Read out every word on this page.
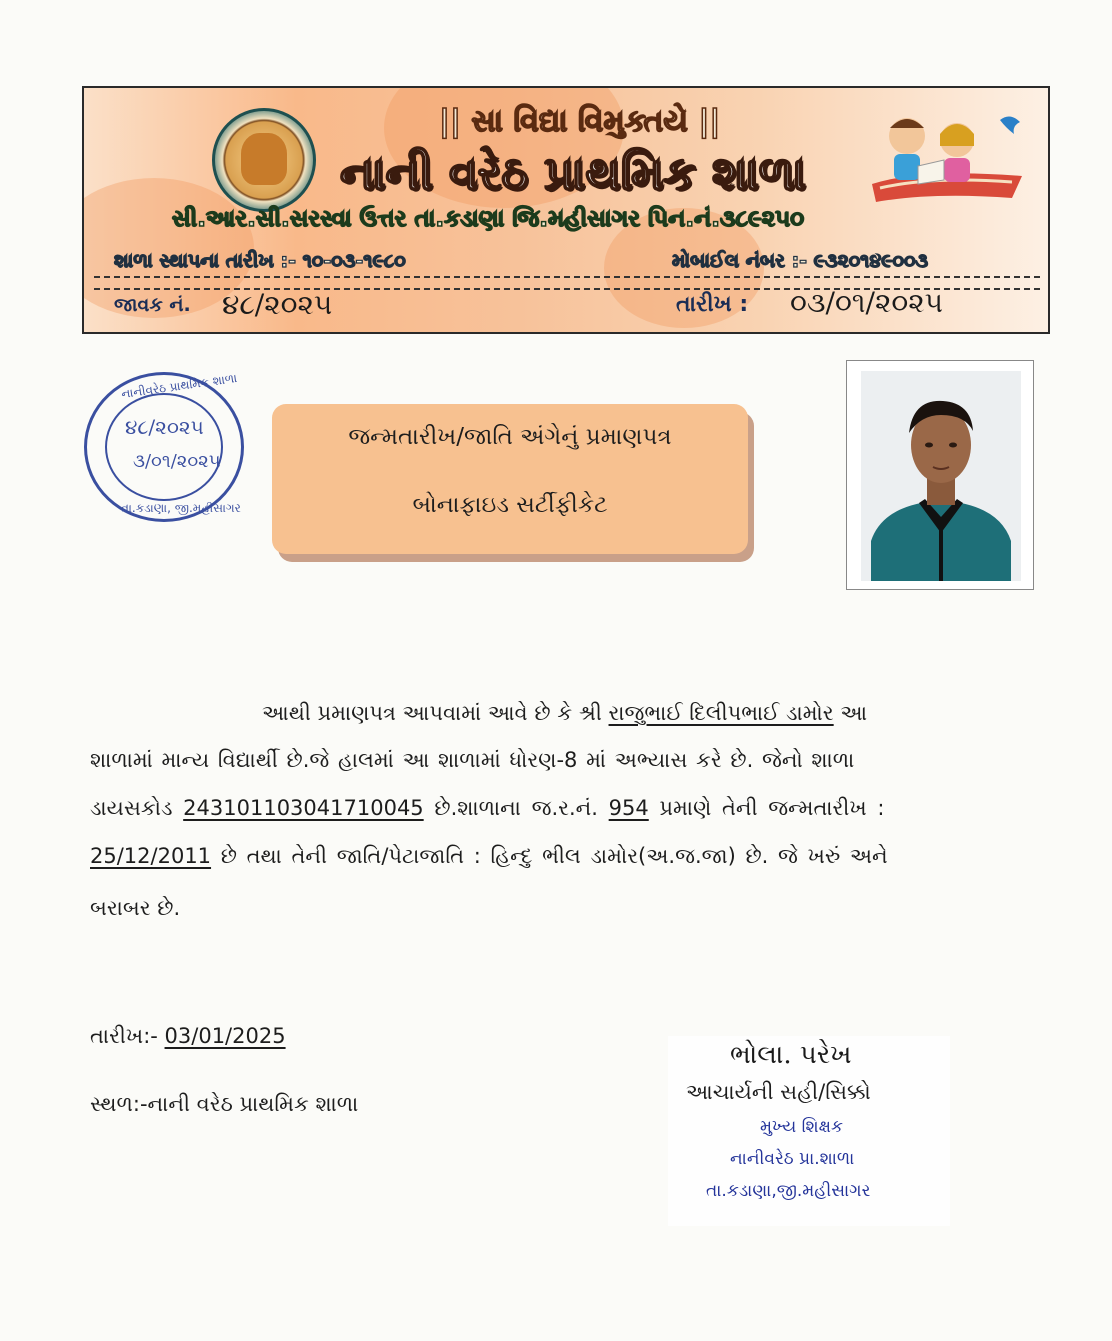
|| સા વિદ્યા વિમુક્તયે ||
નાની વરેઠ પ્રાથમિક શાળા
સી.આર.સી.સરસ્વા ઉત્તર તા.કડાણા જિ.મહીસાગર પિન.નં.૩૮૯૨૫૦
શાળા સ્થાપના તારીખ :- ૧૦-૦૩-૧૯૮૦	મોબાઈલ નંબર :- ૯૩૨૦૧૪૯૦૦૩
જાવક નં. ૪૮/૨૦૨૫	તારીખ : ૦૩/૦૧/૨૦૨૫
નાનીવરેઠ પ્રાથમિક શાળા
૪૮/૨૦૨૫
૩/૦૧/૨૦૨૫
તા.કડાણા, જી.મહીસાગર
જન્મતારીખ/જાતિ અંગેનું પ્રમાણપત્ર
બોનાફાઇડ સર્ટીફીકેટ
આથી પ્રમાણપત્ર આપવામાં આવે છે કે શ્રી રાજુભાઈ દિલીપભાઈ ડામોર આ
શાળામાં માન્ય વિદ્યાર્થી છે.જે હાલમાં આ શાળામાં ધોરણ-8 માં અભ્યાસ કરે છે. જેનો શાળા
ડાયસકોડ 24310110304171004​5 છે.શાળાના જ.ર.નં. 954 પ્રમાણે તેની જન્મતારીખ :
25/12/2011 છે તથા તેની જાતિ/પેટાજાતિ : હિન્દુ ભીલ ડામોર(અ.જ.જા) છે. જે ખરું અને
બરાબર છે.
તારીખ:- 03/01/2025
સ્થળ:-નાની વરેઠ પ્રાથમિક શાળા
ભોલા. પરેખ
આચાર્યની સહી/સિક્કો
મુખ્ય શિક્ષક
નાનીવરેઠ પ્રા.શાળા
તા.કડાણા,જી.મહીસાગર
